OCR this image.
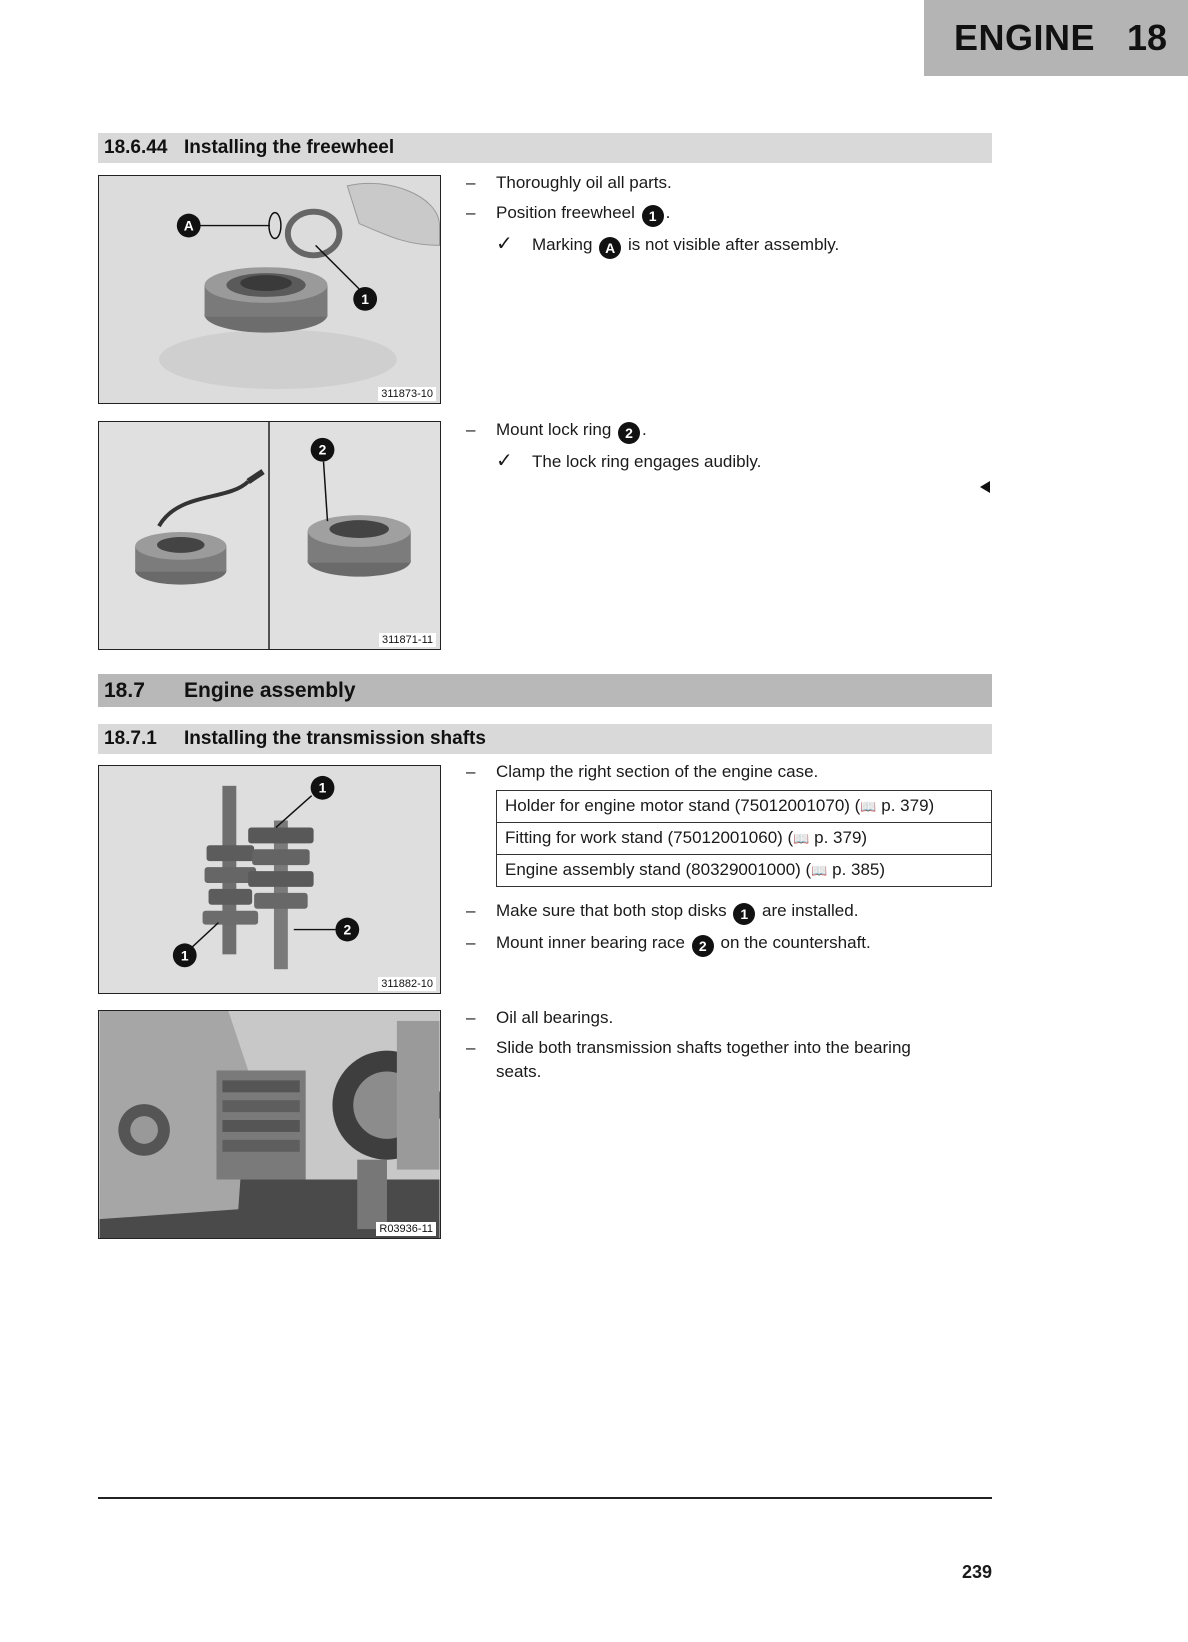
ENGINE 18
18.6.44 Installing the freewheel
A
1
311873-10
–	Thoroughly oil all parts.
–	Position freewheel 1 .
✓	Marking A is not visible after assembly.
2
311871-11
–	Mount lock ring 2 .
✓	The lock ring engages audibly.
18.7	Engine assembly
18.7.1	Installing the transmission shafts
1
2
1
311882-10
–	Clamp the right section of the engine case.
Holder for engine motor stand (75012001070) (📖 p. 379)
Fitting for work stand (75012001060) (📖 p. 379)
Engine assembly stand (80329001000) (📖 p. 385)
–	Make sure that both stop disks 1 are installed.
–	Mount inner bearing race 2 on the countershaft.
R03936-11
–	Oil all bearings.
–	Slide both transmission shafts together into the bearing seats.
239
